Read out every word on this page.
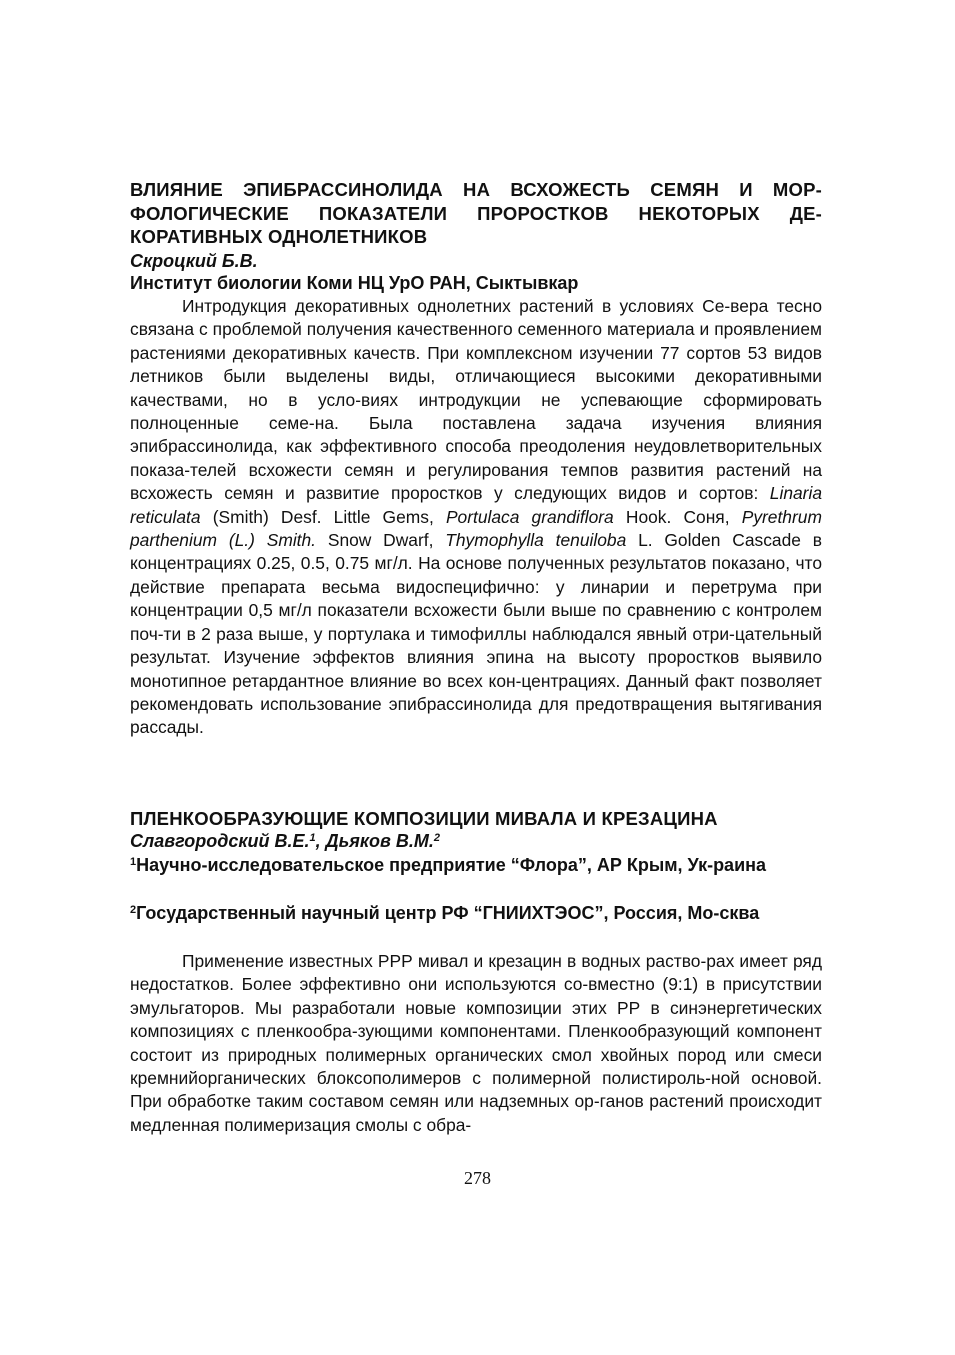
ВЛИЯНИЕ ЭПИБРАССИНОЛИДА НА ВСХОЖЕСТЬ СЕМЯН И МОР-ФОЛОГИЧЕСКИЕ ПОКАЗАТЕЛИ ПРОРОСТКОВ НЕКОТОРЫХ ДЕ-КОРАТИВНЫХ ОДНОЛЕТНИКОВ

Скроцкий Б.В.

Институт биологии Коми НЦ УрО РАН, Сыктывкар

Интродукция декоративных однолетних растений в условиях Се-вера тесно связана с проблемой получения качественного семенного материала и проявлением растениями декоративных качеств. При комплексном изучении 77 сортов 53 видов летников были выделены виды, отличающиеся высокими декоративными качествами, но в усло-виях интродукции не успевающие сформировать полноценные семе-на. Была поставлена задача изучения влияния эпибрассинолида, как эффективного способа преодоления неудовлетворительных показа-телей всхожести семян и регулирования темпов развития растений на всхожесть семян и развитие проростков у следующих видов и сортов: Linaria reticulata (Smith) Desf. Little Gems, Portulaca grandiflora Hook. Соня, Pyrethrum parthenium (L.) Smith. Snow Dwarf, Thymophylla tenuiloba L. Golden Cascade в концентрациях 0.25, 0.5, 0.75 мг/л. На основе полученных результатов показано, что действие препарата весьма видоспецифично: у линарии и перетрума при концентрации 0,5 мг/л показатели всхожести были выше по сравнению с контролем поч-ти в 2 раза выше, у портулака и тимофиллы наблюдался явный отри-цательный результат. Изучение эффектов влияния эпина на высоту проростков выявило монотипное ретардантное влияние во всех кон-центрациях. Данный факт позволяет рекомендовать использование эпибрассинолида для предотвращения вытягивания рассады.

ПЛЕНКООБРАЗУЮЩИЕ КОМПОЗИЦИИ МИВАЛА И КРЕЗАЦИНА

Славгородский В.Е.$^1$, Дьяков В.М.$^2$

$^1$Научно-исследовательское предприятие “Флора”, АР Крым, Ук-раина

$^2$Государственный научный центр РФ “ГНИИХТЭОС”, Россия, Мо-сква

Применение известных РРР мивал и крезацин в водных раство-рах имеет ряд недостатков. Более эффективно они используются со-вместно (9:1) в присутствии эмульгаторов. Мы разработали новые композиции этих РР в синэнергетических композициях с пленкообра-зующими компонентами. Пленкообразующий компонент состоит из природных полимерных органических смол хвойных пород или смеси кремнийорганических блоксополимеров с полимерной полистироль-ной основой. При обработке таким составом семян или надземных ор-ганов растений происходит медленная полимеризация смолы с обра-

278
